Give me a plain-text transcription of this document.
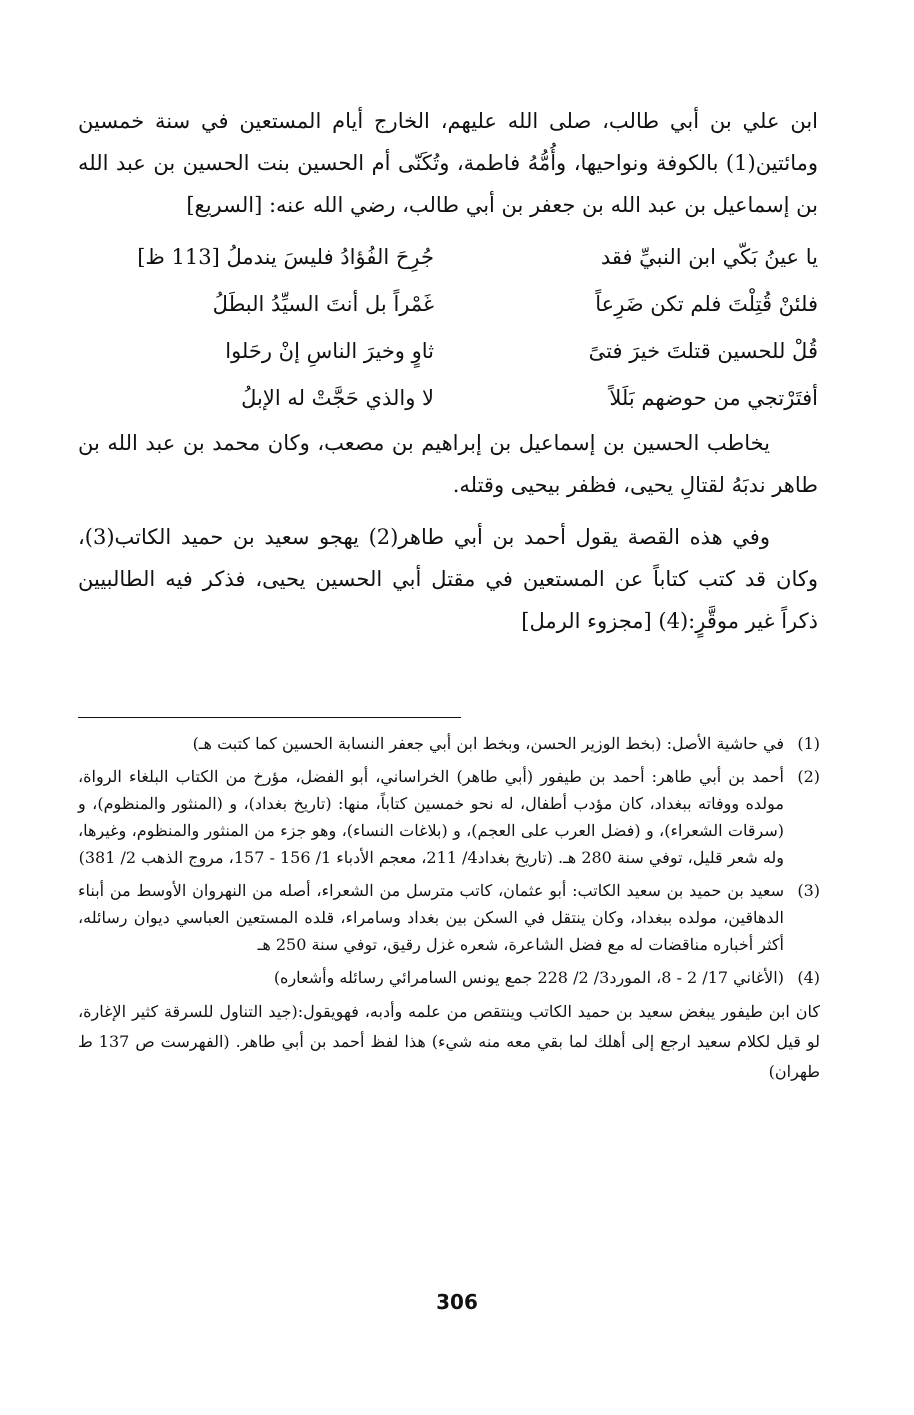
ابن علي بن أبي طالب، صلى الله عليهم، الخارج أيام المستعين في سنة خمسين ومائتين(1) بالكوفة ونواحيها، وأُمُّهُ فاطمة، وتُكَنّى أم الحسين بنت الحسين بن عبد الله بن إسماعيل بن عبد الله بن جعفر بن أبي طالب، رضي الله عنه: [السريع]

يا عينُ بَكّي ابن النبيِّ فقد
جُرِحَ الفُؤادُ فليسَ يندملُ [113 ظ]
فلئنْ قُتِلْتَ فلم تكن ضَرِعاً
غَمْراً بل أنتَ السيِّدُ البطَلُ
قُلْ للحسين قتلتَ خيرَ فتىً
ثاوٍ وخيرَ الناسِ إنْ رحَلوا
أفتَرْتجي من حوضهم بَلَلاً
لا والذي حَجَّتْ له الإبلُ

يخاطب الحسين بن إسماعيل بن إبراهيم بن مصعب، وكان محمد بن عبد الله بن طاهر ندبَهُ لقتالِ يحيى، فظفر بيحيى وقتله.

وفي هذه القصة يقول أحمد بن أبي طاهر(2) يهجو سعيد بن حميد الكاتب(3)، وكان قد كتب كتاباً عن المستعين في مقتل أبي الحسين يحيى، فذكر فيه الطالبيين ذكراً غير موقَّرٍ:(4) [مجزوء الرمل]

(1)
في حاشية الأصل: (بخط الوزير الحسن، وبخط ابن أبي جعفر النسابة الحسين كما كتبت هـ)
(2)
أحمد بن أبي طاهر: أحمد بن طيفور (أبي طاهر) الخراساني، أبو الفضل، مؤرخ من الكتاب البلغاء الرواة، مولده ووفاته ببغداد، كان مؤدب أطفال، له نحو خمسين كتاباً، منها: (تاريخ بغداد)، و (المنثور والمنظوم)، و (سرقات الشعراء)، و (فضل العرب على العجم)، و (بلاغات النساء)، وهو جزء من المنثور والمنظوم، وغيرها، وله شعر قليل، توفي سنة 280 هـ. (تاريخ بغداد4/ 211، معجم الأدباء 1/ 156 - 157، مروج الذهب 2/ 381)
(3)
سعيد بن حميد بن سعيد الكاتب: أبو عثمان، كاتب مترسل من الشعراء، أصله من النهروان الأوسط من أبناء الدهاقين، مولده ببغداد، وكان ينتقل في السكن بين بغداد وسامراء، قلده المستعين العباسي ديوان رسائله، أكثر أخباره مناقضات له مع فضل الشاعرة، شعره غزل رقيق، توفي سنة 250 هـ
(4)
(الأغاني 17/ 2 - 8، المورد3/ 2/ 228 جمع يونس السامرائي رسائله وأشعاره)

كان ابن طيفور يبغض سعيد بن حميد الكاتب وينتقص من علمه وأدبه، فهويقول:(جيد التناول للسرقة كثير الإغارة، لو قيل لكلام سعيد ارجع إلى أهلك لما بقي معه منه شيء) هذا لفظ أحمد بن أبي طاهر. (الفهرست ص 137 ط طهران)

306
